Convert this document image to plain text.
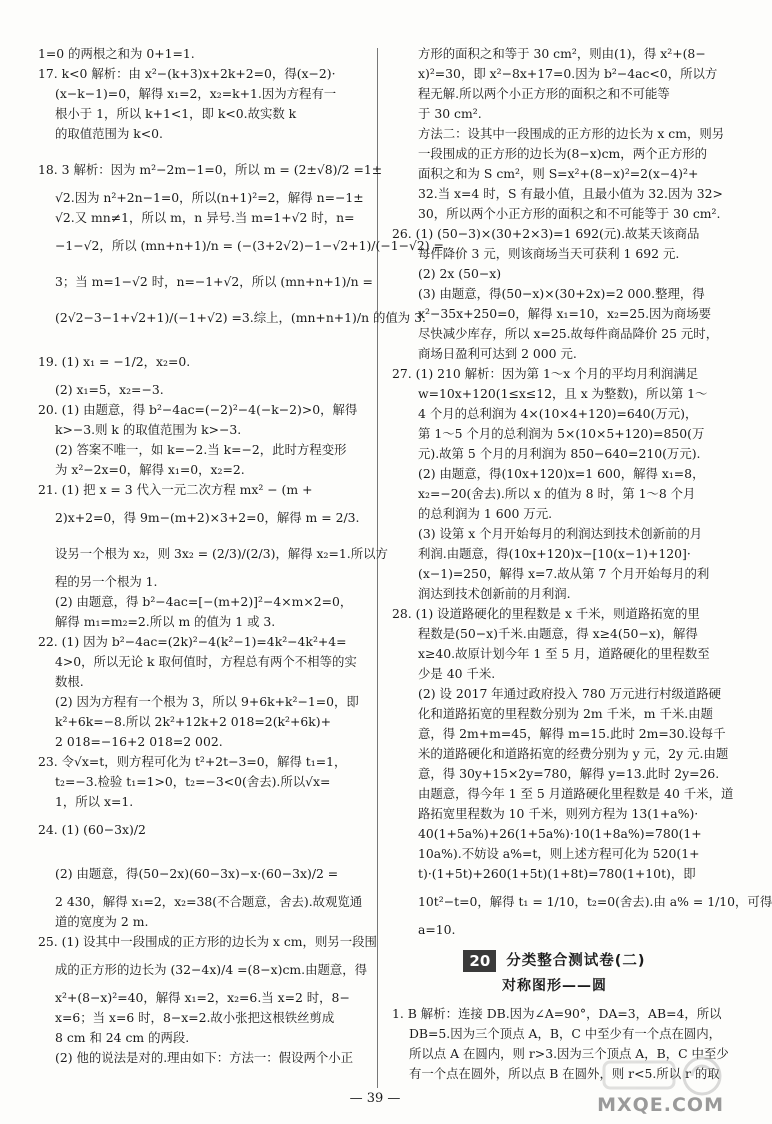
1=0 的两根之和为 0+1=1.
17. k<0 解析：由 x²−(k+3)x+2k+2=0，得(x−2)·
(x−k−1)=0，解得 x₁=2，x₂=k+1.因为方程有一
根小于 1，所以 k+1<1，即 k<0.故实数 k
的取值范围为 k<0.
18. 3 解析：因为 m²−2m−1=0，所以 m = (2±√8)/2 =1±
√2.因为 n²+2n−1=0，所以(n+1)²=2，解得 n=−1±
√2.又 mn≠1，所以 m，n 异号.当 m=1+√2 时，n=
−1−√2，所以 (mn+n+1)/n = (−(3+2√2)−1−√2+1)/(−1−√2) =
3；当 m=1−√2 时，n=−1+√2，所以 (mn+n+1)/n =
(2√2−3−1+√2+1)/(−1+√2) =3.综上，(mn+n+1)/n 的值为 3.
19. (1) x₁ = −1/2，x₂=0.
(2) x₁=5，x₂=−3.
20. (1) 由题意，得 b²−4ac=(−2)²−4(−k−2)>0，解得
k>−3.则 k 的取值范围为 k>−3.
(2) 答案不唯一，如 k=−2.当 k=−2，此时方程变形
为 x²−2x=0，解得 x₁=0，x₂=2.
21. (1) 把 x = 3 代入一元二次方程 mx² − (m +
2)x+2=0，得 9m−(m+2)×3+2=0，解得 m = 2/3.
设另一个根为 x₂，则 3x₂ = (2/3)/(2/3)，解得 x₂=1.所以方
程的另一个根为 1.
(2) 由题意，得 b²−4ac=[−(m+2)]²−4×m×2=0，
解得 m₁=m₂=2.所以 m 的值为 1 或 3.
22. (1) 因为 b²−4ac=(2k)²−4(k²−1)=4k²−4k²+4=
4>0，所以无论 k 取何值时，方程总有两个不相等的实
数根.
(2) 因为方程有一个根为 3，所以 9+6k+k²−1=0，即
k²+6k=−8.所以 2k²+12k+2 018=2(k²+6k)+
2 018=−16+2 018=2 002.
23. 令√x=t，则方程可化为 t²+2t−3=0，解得 t₁=1，
t₂=−3.检验 t₁=1>0，t₂=−3<0(舍去).所以√x=
1，所以 x=1.
24. (1) (60−3x)/2
(2) 由题意，得(50−2x)(60−3x)−x·(60−3x)/2 =
2 430，解得 x₁=2，x₂=38(不合题意，舍去).故观览通
道的宽度为 2 m.
25. (1) 设其中一段围成的正方形的边长为 x cm，则另一段围
成的正方形的边长为 (32−4x)/4 =(8−x)cm.由题意，得
x²+(8−x)²=40，解得 x₁=2，x₂=6.当 x=2 时，8−
x=6；当 x=6 时，8−x=2.故小张把这根铁丝剪成
8 cm 和 24 cm 的两段.
(2) 他的说法是对的.理由如下：方法一：假设两个小正
方形的面积之和等于 30 cm²，则由(1)，得 x²+(8−
x)²=30，即 x²−8x+17=0.因为 b²−4ac<0，所以方
程无解.所以两个小正方形的面积之和不可能等
于 30 cm².
方法二：设其中一段围成的正方形的边长为 x cm，则另
一段围成的正方形的边长为(8−x)cm，两个正方形的
面积之和为 S cm²，则 S=x²+(8−x)²=2(x−4)²+
32.当 x=4 时，S 有最小值，且最小值为 32.因为 32>
30，所以两个小正方形的面积之和不可能等于 30 cm².
26. (1) (50−3)×(30+2×3)=1 692(元).故某天该商品
每件降价 3 元，则该商场当天可获利 1 692 元.
(2) 2x (50−x)
(3) 由题意，得(50−x)×(30+2x)=2 000.整理，得
x²−35x+250=0，解得 x₁=10，x₂=25.因为商场要
尽快减少库存，所以 x=25.故每件商品降价 25 元时，
商场日盈利可达到 2 000 元.
27. (1) 210 解析：因为第 1～x 个月的平均月利润满足
w=10x+120(1≤x≤12，且 x 为整数)，所以第 1～
4 个月的总利润为 4×(10×4+120)=640(万元)，
第 1～5 个月的总利润为 5×(10×5+120)=850(万
元).故第 5 个月的月利润为 850−640=210(万元).
(2) 由题意，得(10x+120)x=1 600，解得 x₁=8，
x₂=−20(舍去).所以 x 的值为 8 时，第 1～8 个月
的总利润为 1 600 万元.
(3) 设第 x 个月开始每月的利润达到技术创新前的月
利润.由题意，得(10x+120)x−[10(x−1)+120]·
(x−1)=250，解得 x=7.故从第 7 个月开始每月的利
润达到技术创新前的月利润.
28. (1) 设道路硬化的里程数是 x 千米，则道路拓宽的里
程数是(50−x)千米.由题意，得 x≥4(50−x)，解得
x≥40.故原计划今年 1 至 5 月，道路硬化的里程数至
少是 40 千米.
(2) 设 2017 年通过政府投入 780 万元进行村级道路硬
化和道路拓宽的里程数分别为 2m 千米，m 千米.由题
意，得 2m+m=45，解得 m=15.此时 2m=30.设每千
米的道路硬化和道路拓宽的经费分别为 y 元，2y 元.由题
意，得 30y+15×2y=780，解得 y=13.此时 2y=26.
由题意，得今年 1 至 5 月道路硬化里程数是 40 千米，道
路拓宽里程数为 10 千米，则列方程为 13(1+a%)·
40(1+5a%)+26(1+5a%)·10(1+8a%)=780(1+
10a%).不妨设 a%=t，则上述方程可化为 520(1+
t)·(1+5t)+260(1+5t)(1+8t)=780(1+10t)，即
10t²−t=0，解得 t₁ = 1/10，t₂=0(舍去).由 a% = 1/10，可得
a=10.
20	分类整合测试卷(二)
对称图形——圆
1. B 解析：连接 DB.因为∠A=90°，DA=3，AB=4，所以
DB=5.因为三个顶点 A，B，C 中至少有一个点在圆内，
所以点 A 在圆内，则 r>3.因为三个顶点 A，B，C 中至少
有一个点在圆外，所以点 B 在圆外，则 r<5.所以 r 的取
— 39 —	MXQE.COM
